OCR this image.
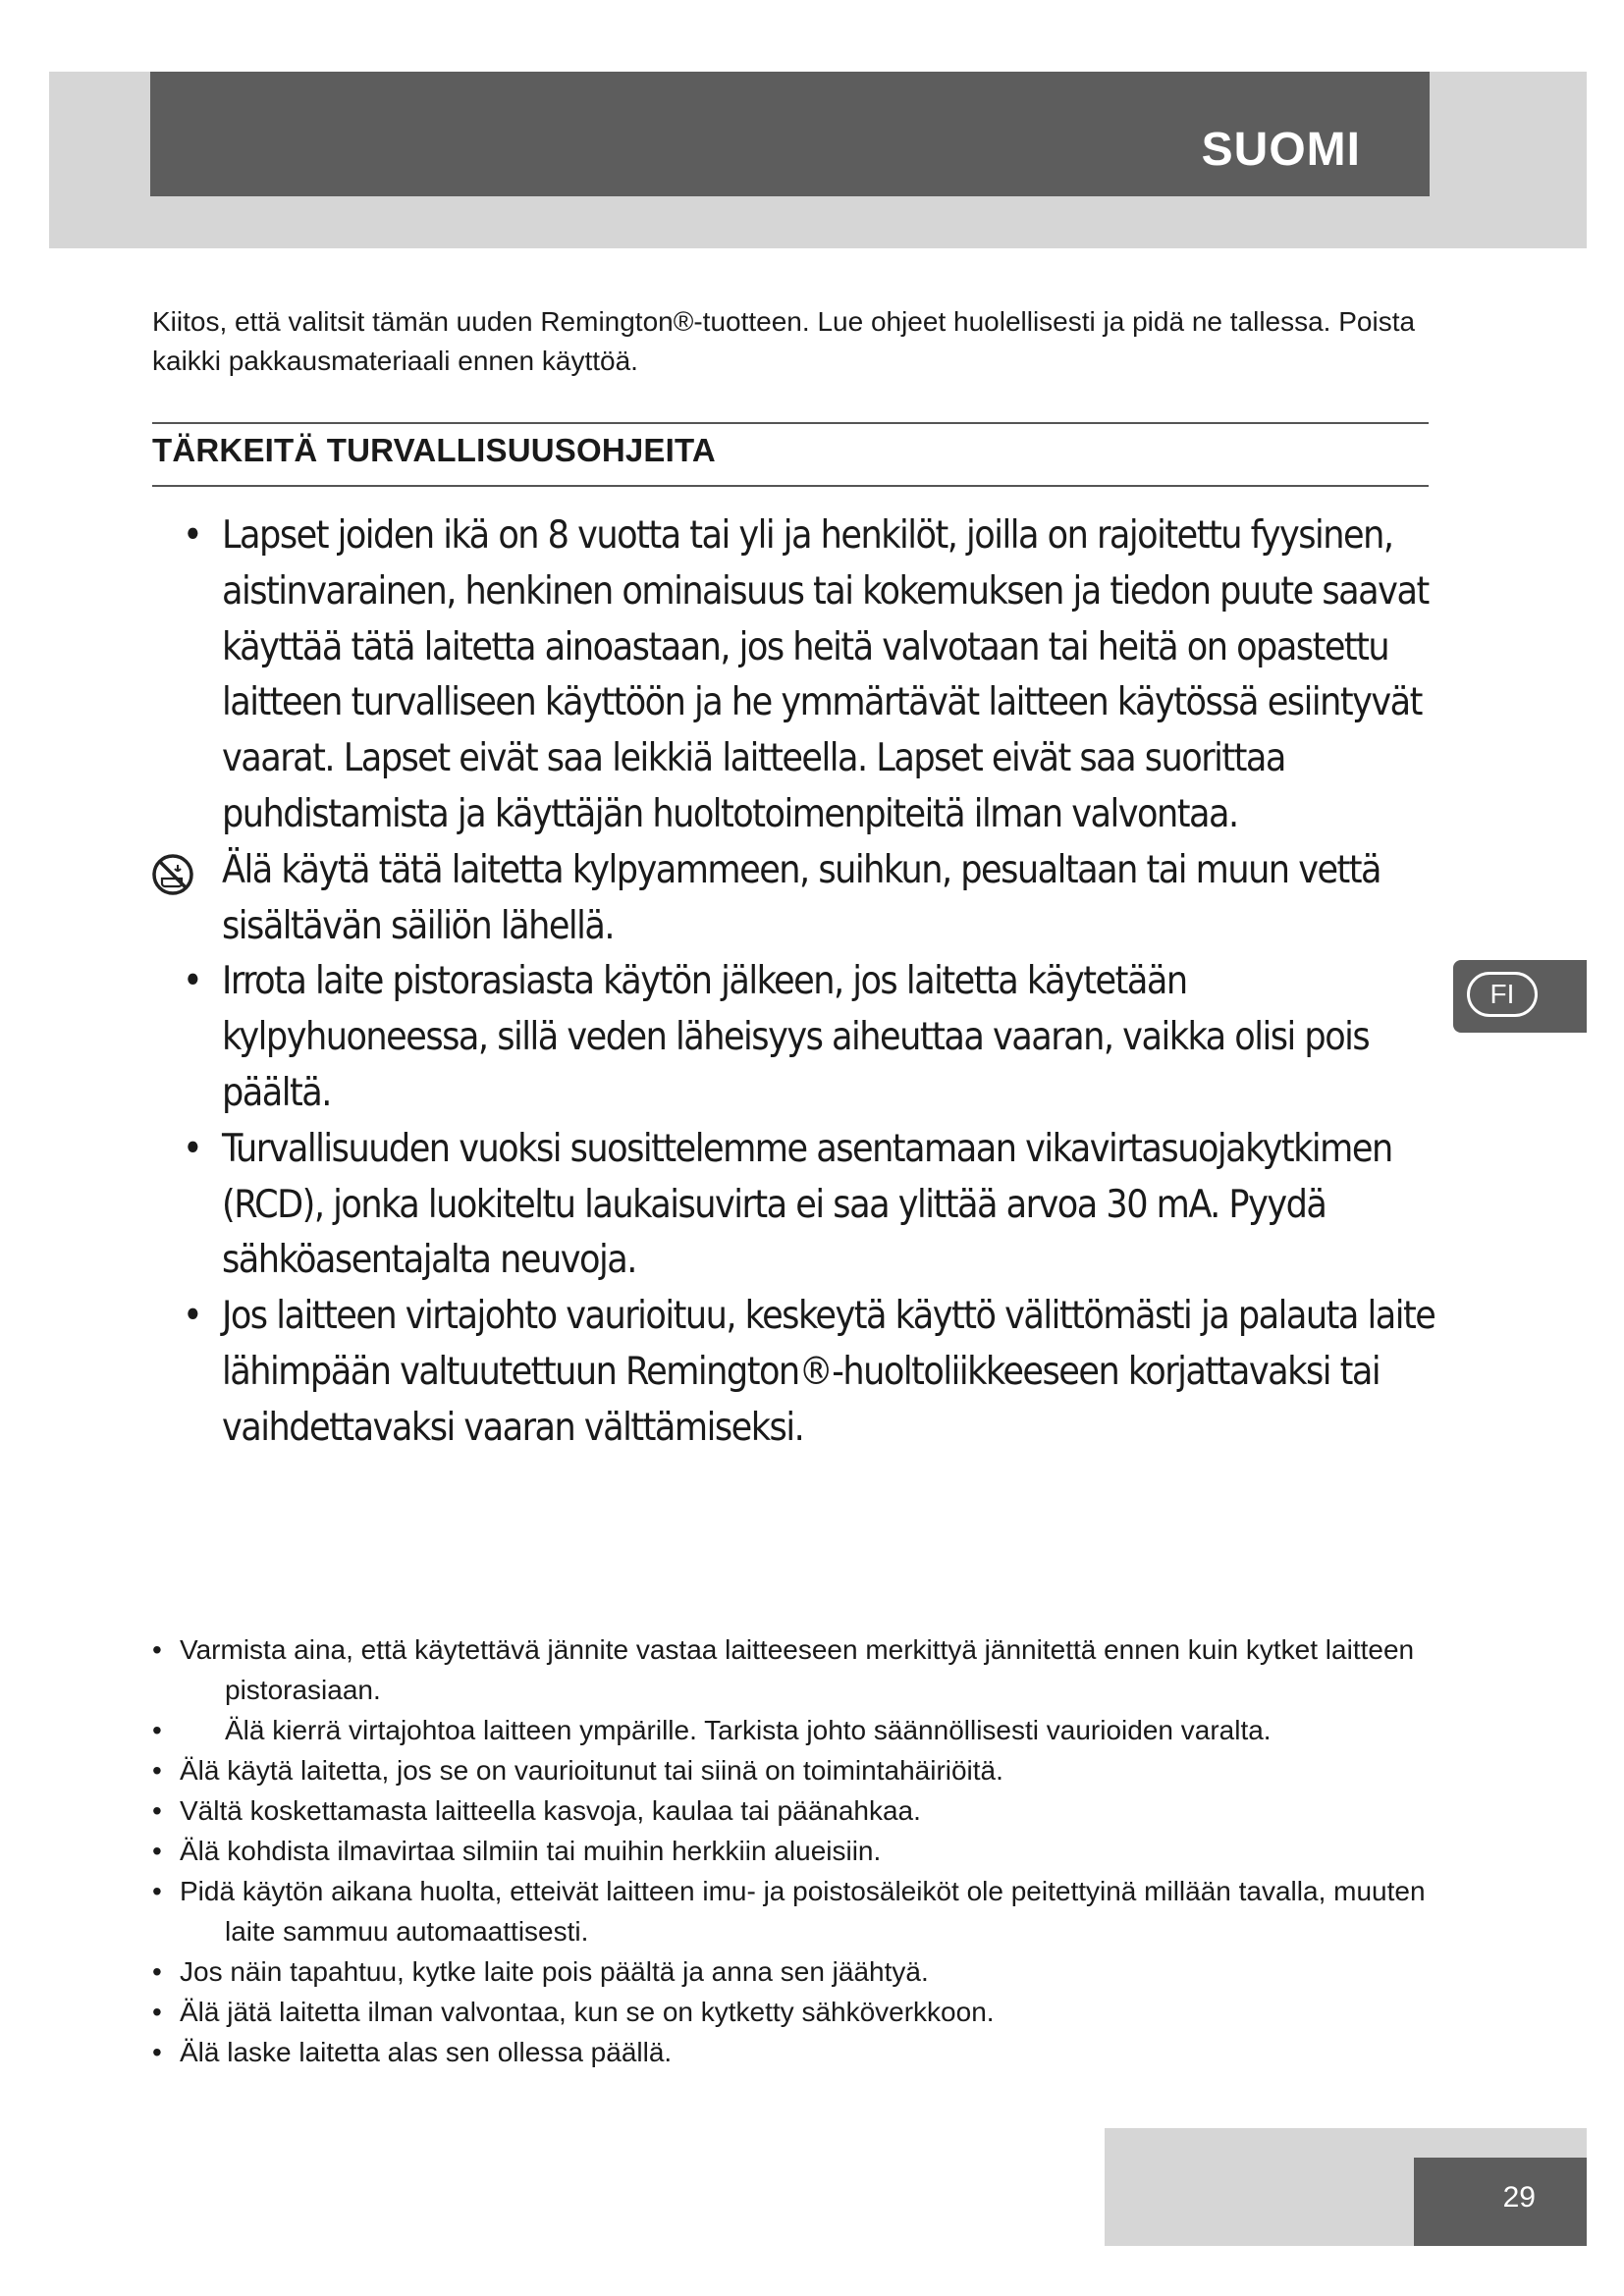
SUOMI
Kiitos, että valitsit tämän uuden Remington®-tuotteen. Lue ohjeet huolellisesti ja pidä ne tallessa. Poista kaikki pakkausmateriaali ennen käyttöä.
TÄRKEITÄ TURVALLISUUSOHJEITA
• Lapset joiden ikä on 8 vuotta tai yli ja henkilöt, joilla on rajoitettu fyysinen, aistinvarainen, henkinen ominaisuus tai kokemuksen ja tiedon puute saavat käyttää tätä laitetta ainoastaan, jos heitä valvotaan tai heitä on opastettu laitteen turvalliseen käyttöön ja he ymmärtävät laitteen käytössä esiintyvät vaarat. Lapset eivät saa leikkiä laitteella. Lapset eivät saa suorittaa puhdistamista ja käyttäjän huoltotoimenpiteitä ilman valvontaa.
Älä käytä tätä laitetta kylpyammeen, suihkun, pesualtaan tai muun vettä sisältävän säiliön lähellä.
• Irrota laite pistorasiasta käytön jälkeen, jos laitetta käytetään kylpyhuoneessa, sillä veden läheisyys aiheuttaa vaaran, vaikka olisi pois päältä.
• Turvallisuuden vuoksi suosittelemme asentamaan vikavirtasuojakytkimen (RCD), jonka luokiteltu laukaisuvirta ei saa ylittää arvoa 30 mA. Pyydä sähköasentajalta neuvoja.
• Jos laitteen virtajohto vaurioituu, keskeytä käyttö välittömästi ja palauta laite lähimpään valtuutettuun Remington®-huoltoliikkeeseen korjattavaksi tai vaihdettavaksi vaaran välttämiseksi.
• Varmista aina, että käytettävä jännite vastaa laitteeseen merkittyä jännitettä ennen kuin kytket laitteen pistorasiaan.
• Älä kierrä virtajohtoa laitteen ympärille. Tarkista johto säännöllisesti vaurioiden varalta.
• Älä käytä laitetta, jos se on vaurioitunut tai siinä on toimintahäiriöitä.
• Vältä koskettamasta laitteella kasvoja, kaulaa tai päänahkaa.
• Älä kohdista ilmavirtaa silmiin tai muihin herkkiin alueisiin.
• Pidä käytön aikana huolta, etteivät laitteen imu- ja poistosäleiköt ole peitettyinä millään tavalla, muuten laite sammuu automaattisesti.
• Jos näin tapahtuu, kytke laite pois päältä ja anna sen jäähtyä.
• Älä jätä laitetta ilman valvontaa, kun se on kytketty sähköverkkoon.
• Älä laske laitetta alas sen ollessa päällä.
FI
29
